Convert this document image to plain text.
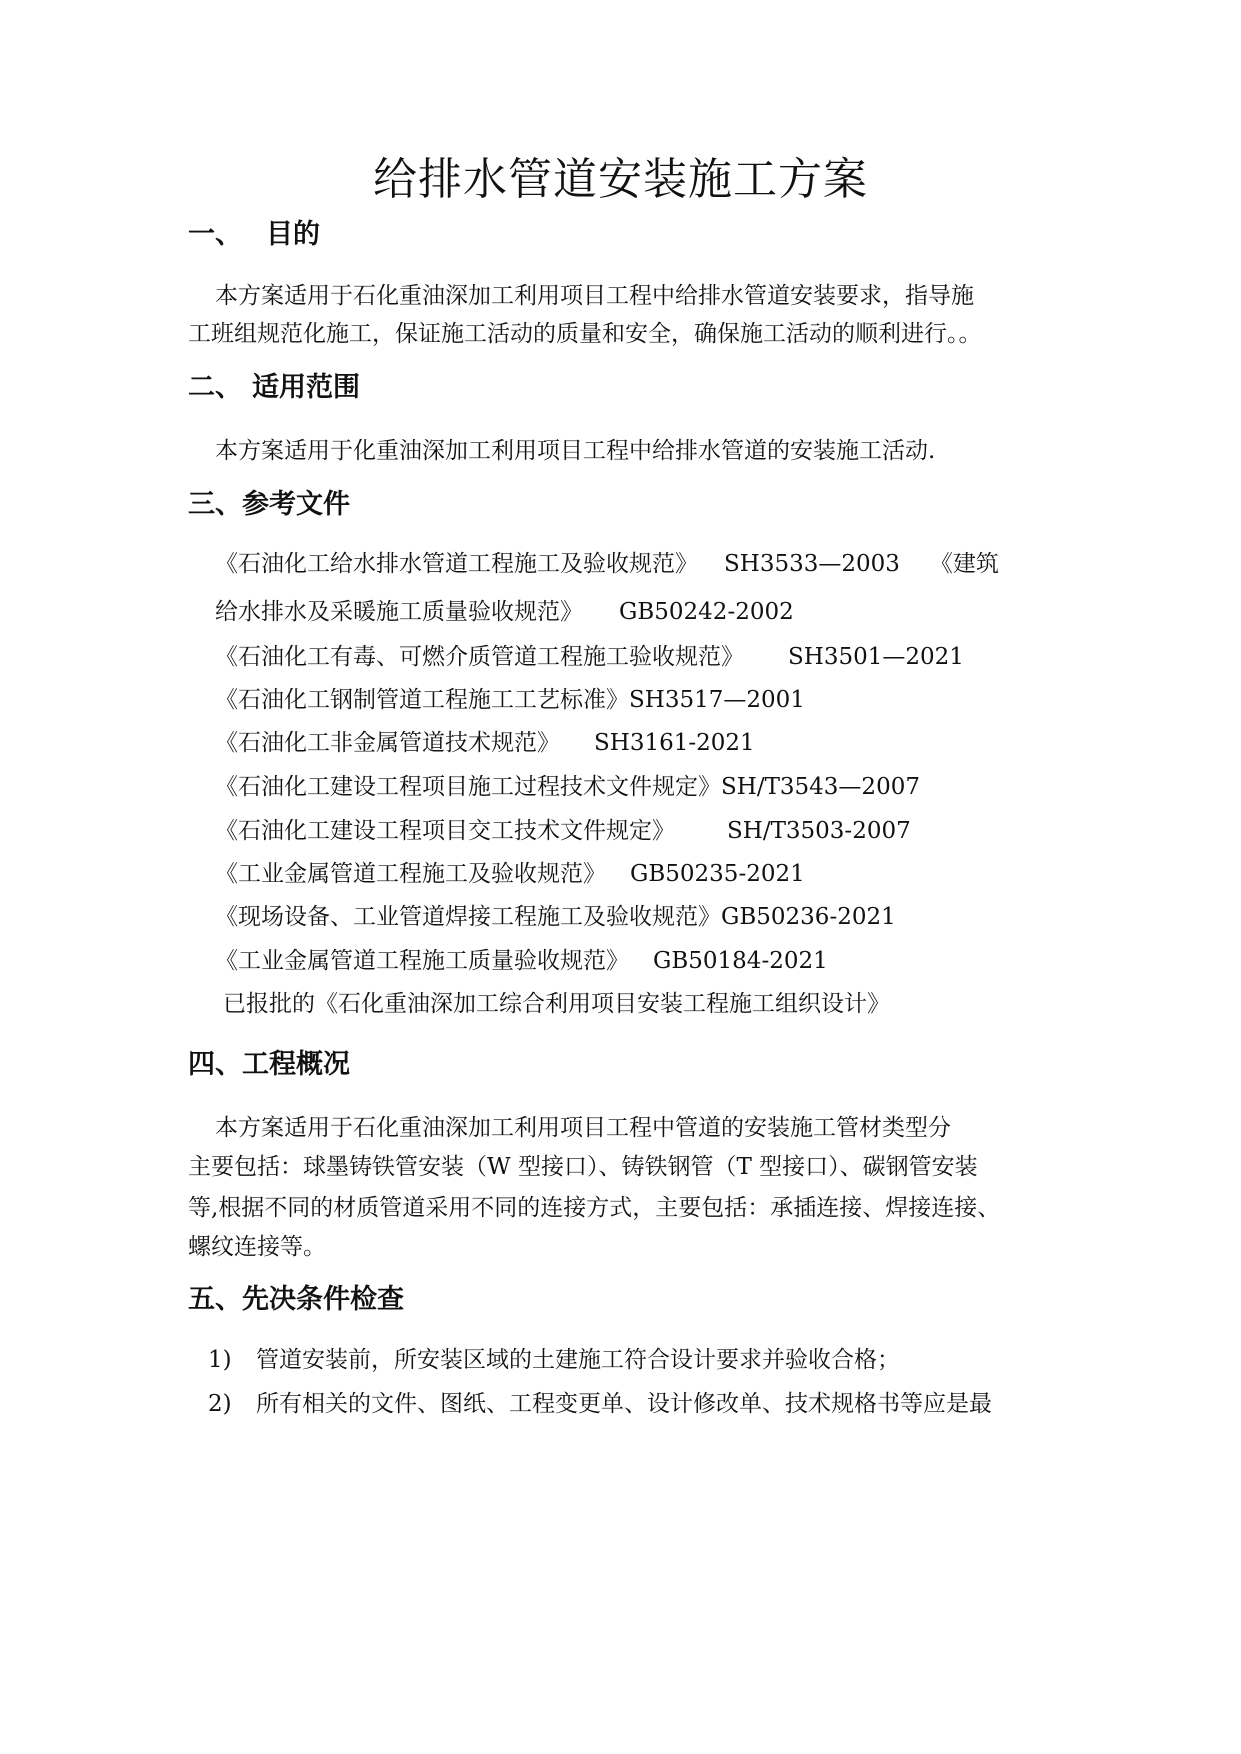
给排水管道安装施工方案
一、 目的
本方案适用于石化重油深加工利用项目工程中给排水管道安装要求，指导施
工班组规范化施工，保证施工活动的质量和安全，确保施工活动的顺利进行。。
二、 适用范围
本方案适用于化重油深加工利用项目工程中给排水管道的安装施工活动.
三、参考文件
《石油化工给水排水管道工程施工及验收规范》 SH3533—2003 《建筑
给水排水及采暖施工质量验收规范》 GB50242-2002
《石油化工有毒、可燃介质管道工程施工验收规范》 SH3501—2021
《石油化工钢制管道工程施工工艺标准》SH3517—2001
《石油化工非金属管道技术规范》 SH3161-2021
《石油化工建设工程项目施工过程技术文件规定》SH/T3543—2007
《石油化工建设工程项目交工技术文件规定》 SH/T3503-2007
《工业金属管道工程施工及验收规范》 GB50235-2021
《现场设备、工业管道焊接工程施工及验收规范》GB50236-2021
《工业金属管道工程施工质量验收规范》 GB50184-2021
已报批的《石化重油深加工综合利用项目安装工程施工组织设计》
四、工程概况
本方案适用于石化重油深加工利用项目工程中管道的安装施工管材类型分
主要包括：球墨铸铁管安装（W 型接口）、铸铁钢管（T 型接口）、碳钢管安装
等,根据不同的材质管道采用不同的连接方式，主要包括：承插连接、焊接连接、
螺纹连接等。
五、先决条件检查
1) 管道安装前，所安装区域的土建施工符合设计要求并验收合格；
2) 所有相关的文件、图纸、工程变更单、设计修改单、技术规格书等应是最
